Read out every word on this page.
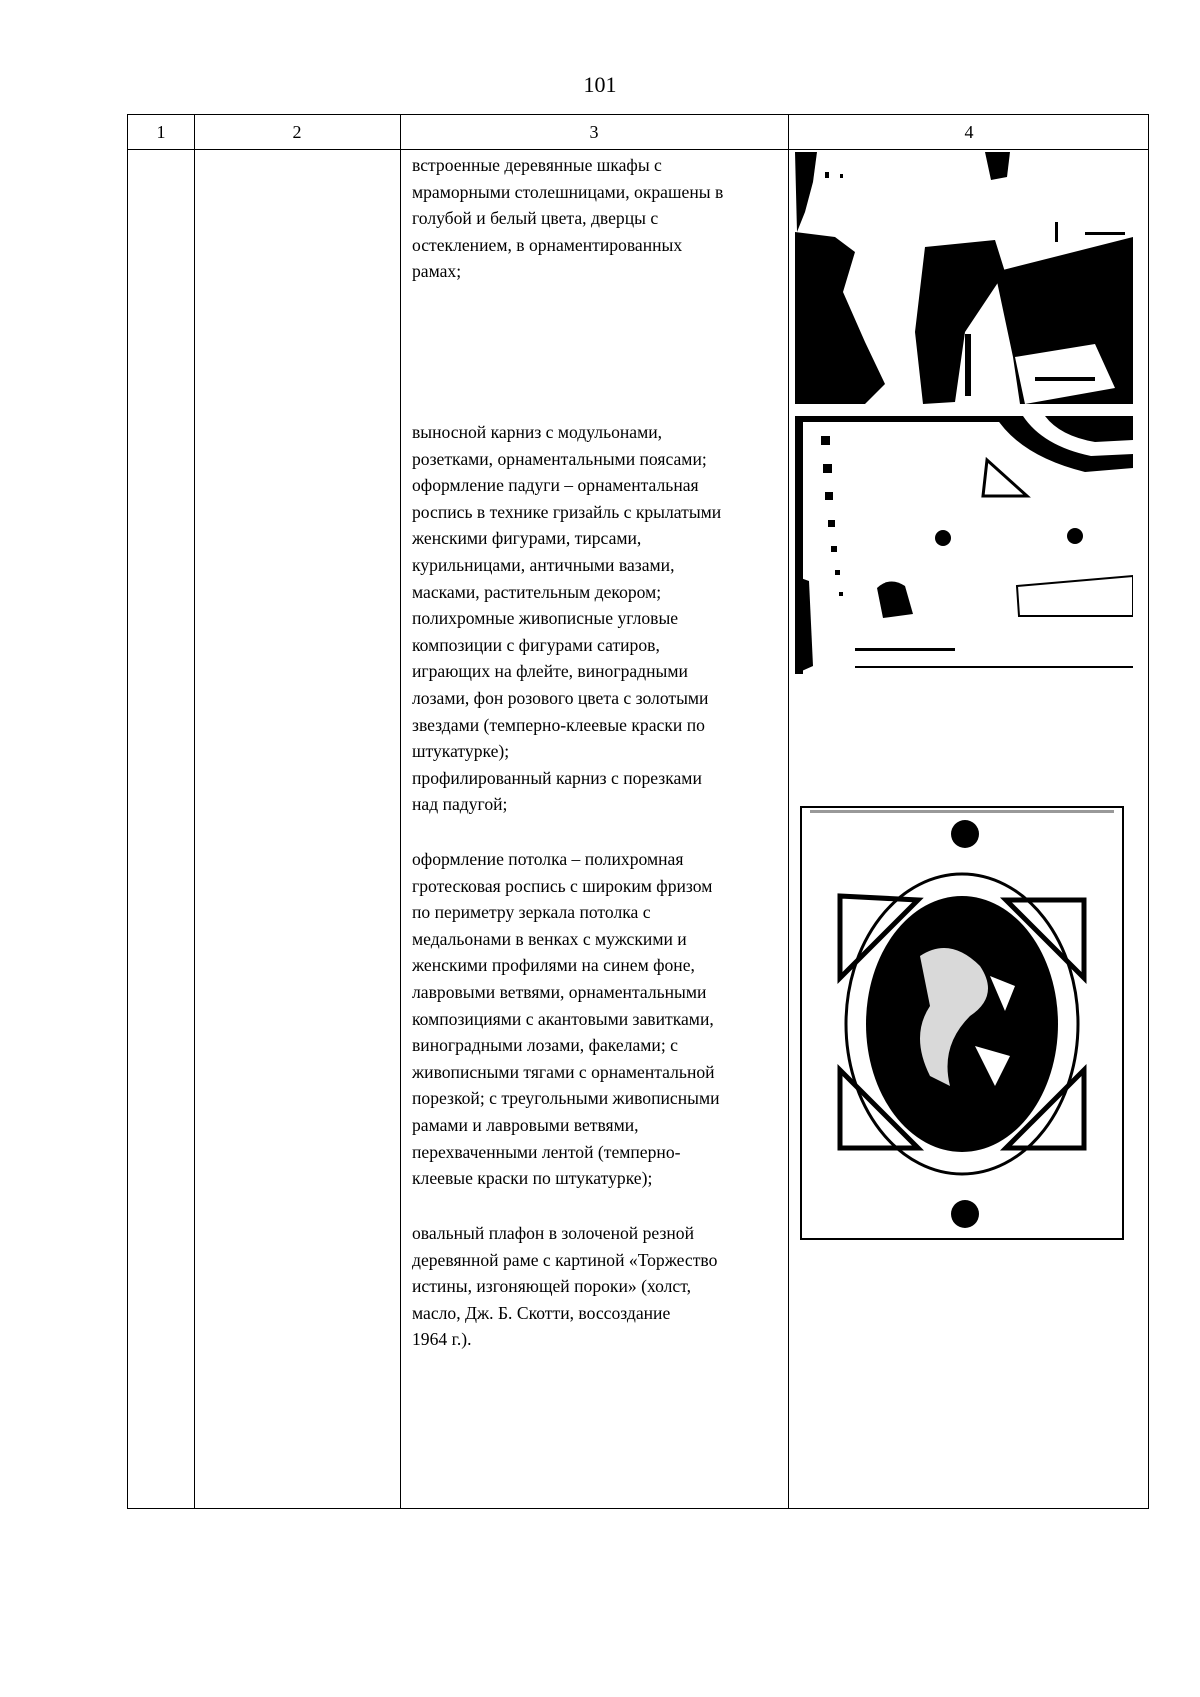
101
1	2	3	4
встроенные деревянные шкафы с
мраморными столешницами, окрашены в
голубой и белый цвета, дверцы с
остеклением, в орнаментированных
рамах;
выносной карниз с модульонами,
розетками, орнаментальными поясами;
оформление падуги – орнаментальная
роспись в технике гризайль с крылатыми
женскими фигурами, тирсами,
курильницами, античными вазами,
масками, растительным декором;
полихромные живописные угловые
композиции с фигурами сатиров,
играющих на флейте, виноградными
лозами, фон розового цвета с золотыми
звездами (темперно-клеевые краски по
штукатурке);
профилированный карниз с порезками
над падугой;
оформление потолка – полихромная
гротесковая роспись с широким фризом
по периметру зеркала потолка с
медальонами в венках с мужскими и
женскими профилями на синем фоне,
лавровыми ветвями, орнаментальными
композициями с акантовыми завитками,
виноградными лозами, факелами; с
живописными тягами с орнаментальной
порезкой; с треугольными живописными
рамами и лавровыми ветвями,
перехваченными лентой (темперно-
клеевые краски по штукатурке);
овальный плафон в золоченой резной
деревянной раме с картиной «Торжество
истины, изгоняющей пороки» (холст,
масло, Дж. Б. Скотти, воссоздание
1964 г.).
